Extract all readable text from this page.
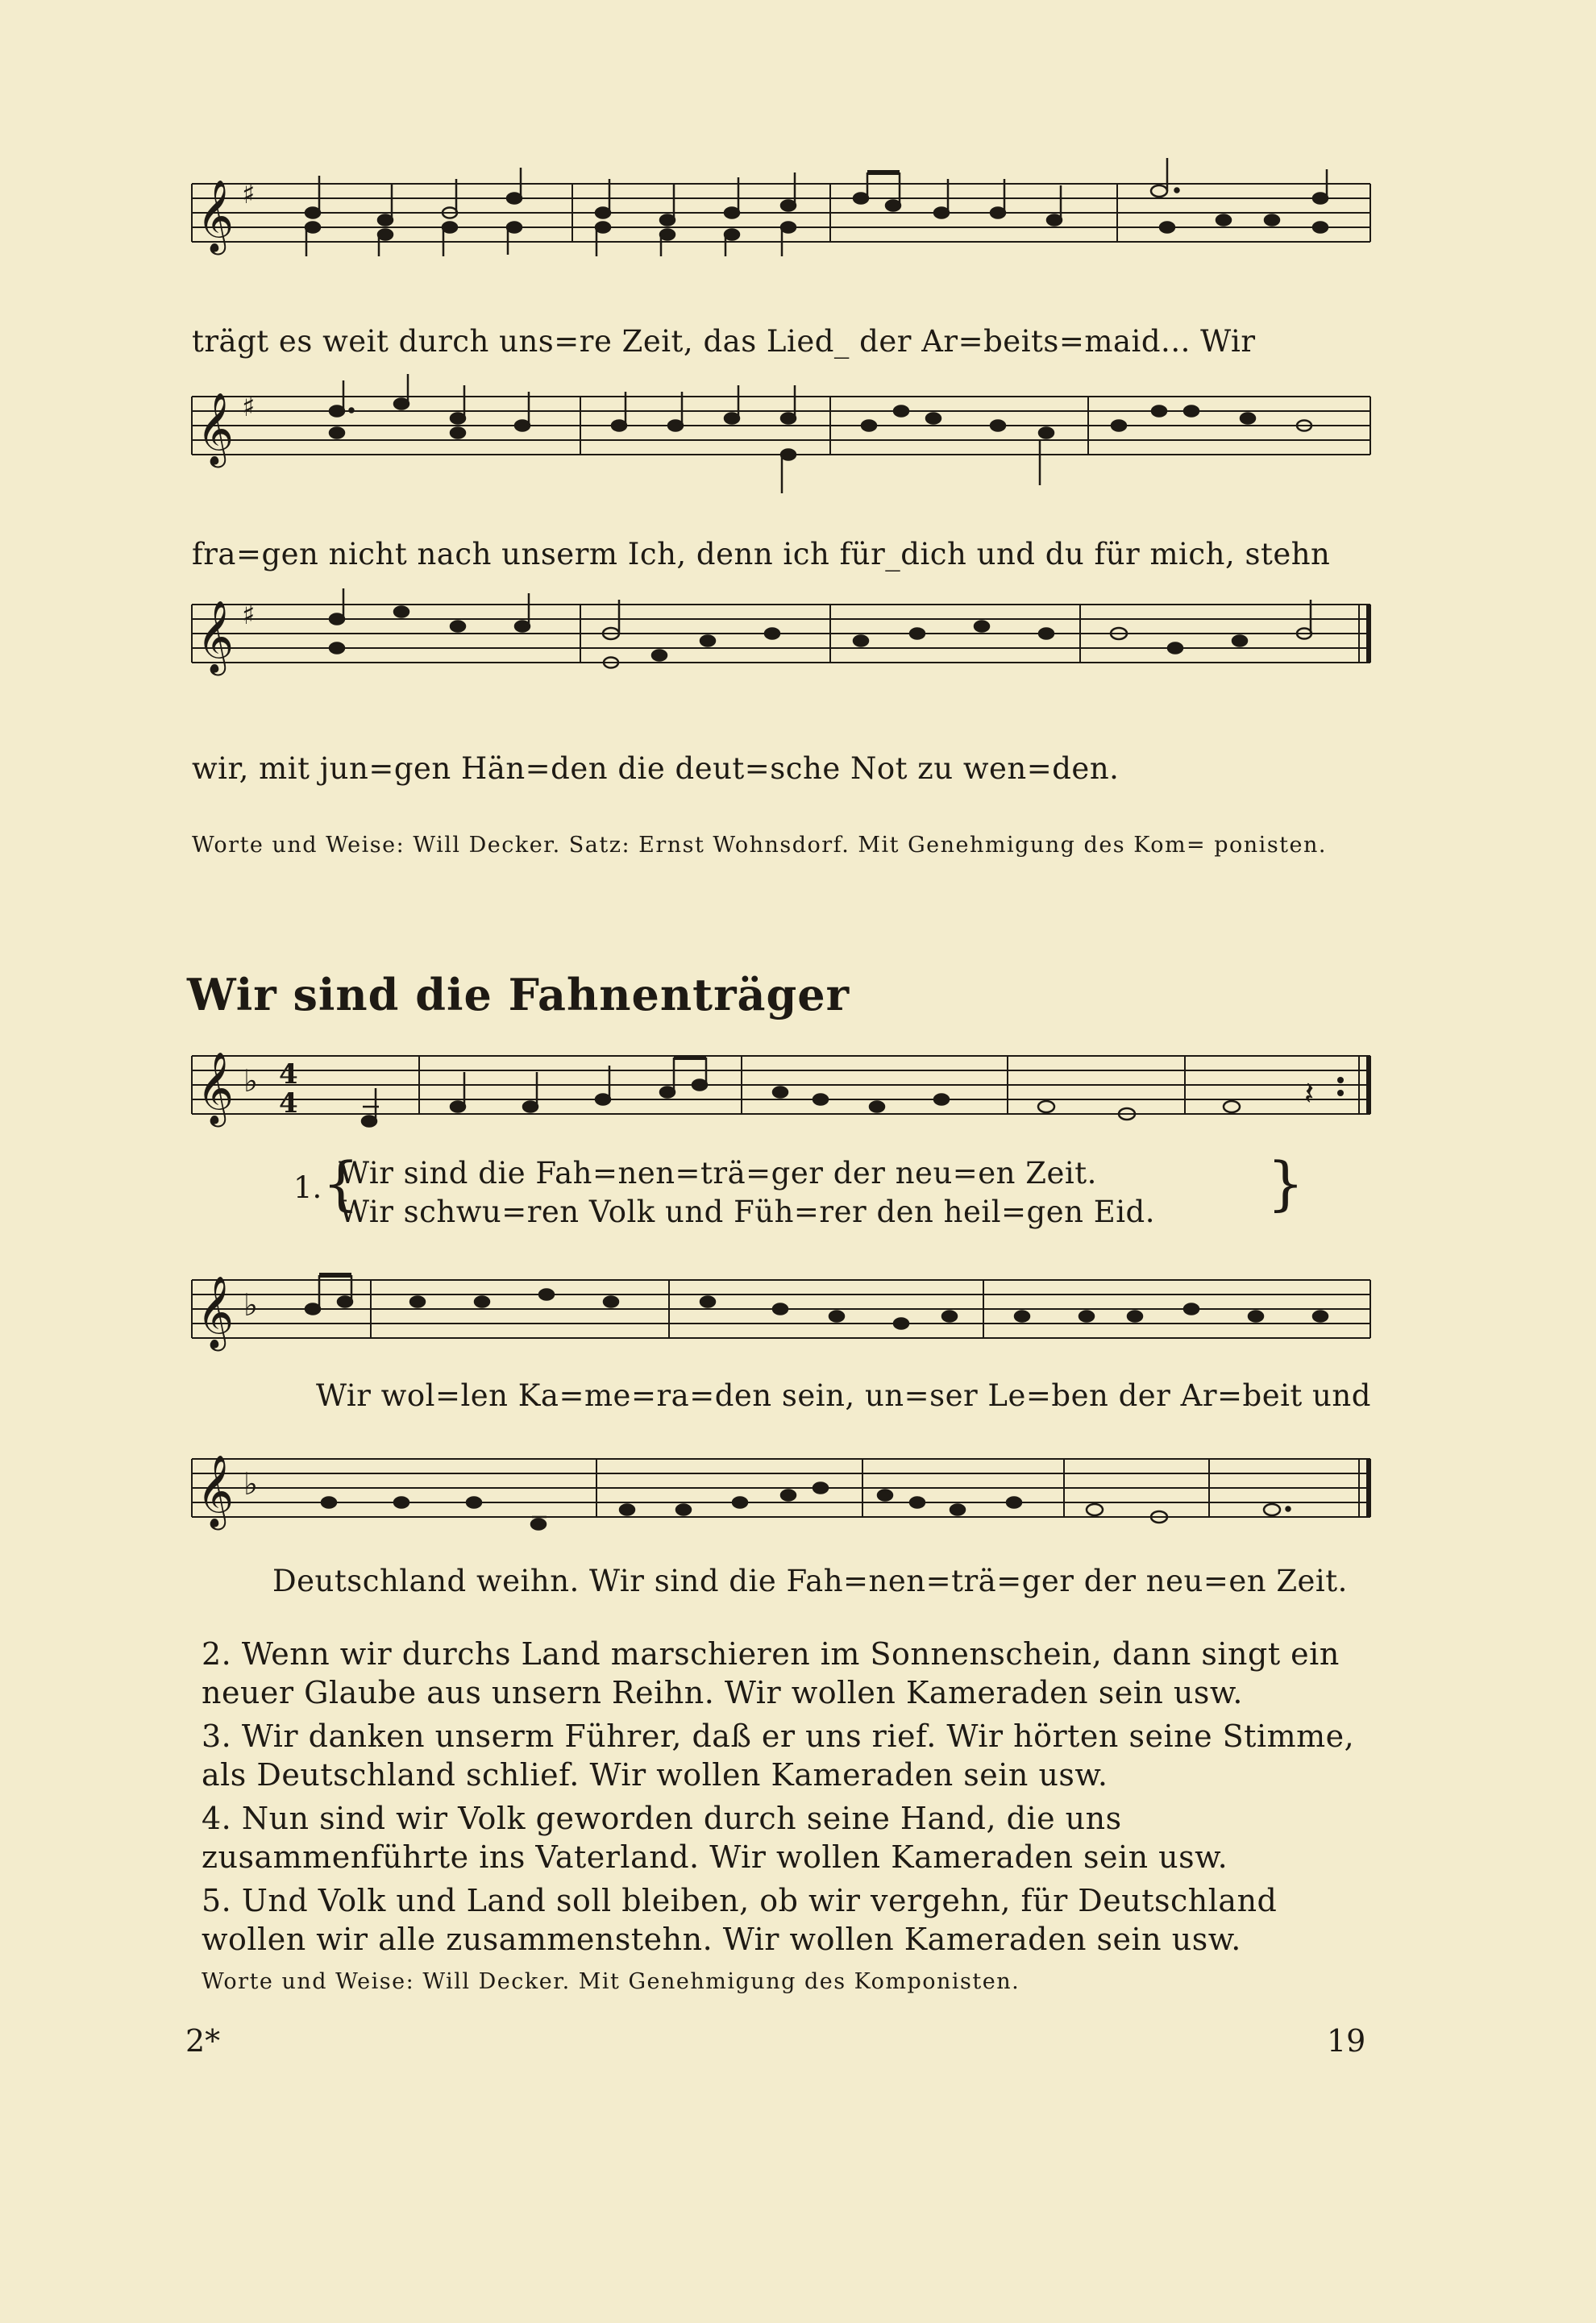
𝄞 ♯
trägt es weit durch uns=re Zeit, das Lied_ der Ar=beits=maid... Wir
𝄞 ♯
fra=gen nicht nach unserm Ich, denn ich für_dich und du für mich, stehn
𝄞 ♯
wir, mit jun=gen Hän=den die deut=sche Not zu wen=den.
Worte und Weise: Will Decker. Satz: Ernst Wohnsdorf. Mit Genehmigung des Kom= ponisten.
Wir sind die Fahnenträger
𝄞 ♭ 4
4	𝄽
1. {
Wir sind die Fah=nen=trä=ger der neu=en Zeit.
Wir schwu=ren Volk und Füh=rer den heil=gen Eid.	}
𝄞 ♭
Wir wol=len Ka=me=ra=den sein, un=ser Le=ben der Ar=beit und
𝄞 ♭
Deutschland weihn. Wir sind die Fah=nen=trä=ger der neu=en Zeit.
2. Wenn wir durchs Land marschieren im Sonnenschein, dann singt ein neuer Glaube aus unsern Reihn. Wir wollen Kameraden sein usw.
3. Wir danken unserm Führer, daß er uns rief. Wir hörten seine Stimme, als Deutschland schlief. Wir wollen Kameraden sein usw.
4. Nun sind wir Volk geworden durch seine Hand, die uns zusammenführte ins Vaterland. Wir wollen Kameraden sein usw.
5. Und Volk und Land soll bleiben, ob wir vergehn, für Deutschland wollen wir alle zusammenstehn. Wir wollen Kameraden sein usw.
Worte und Weise: Will Decker. Mit Genehmigung des Komponisten.
2*	19
